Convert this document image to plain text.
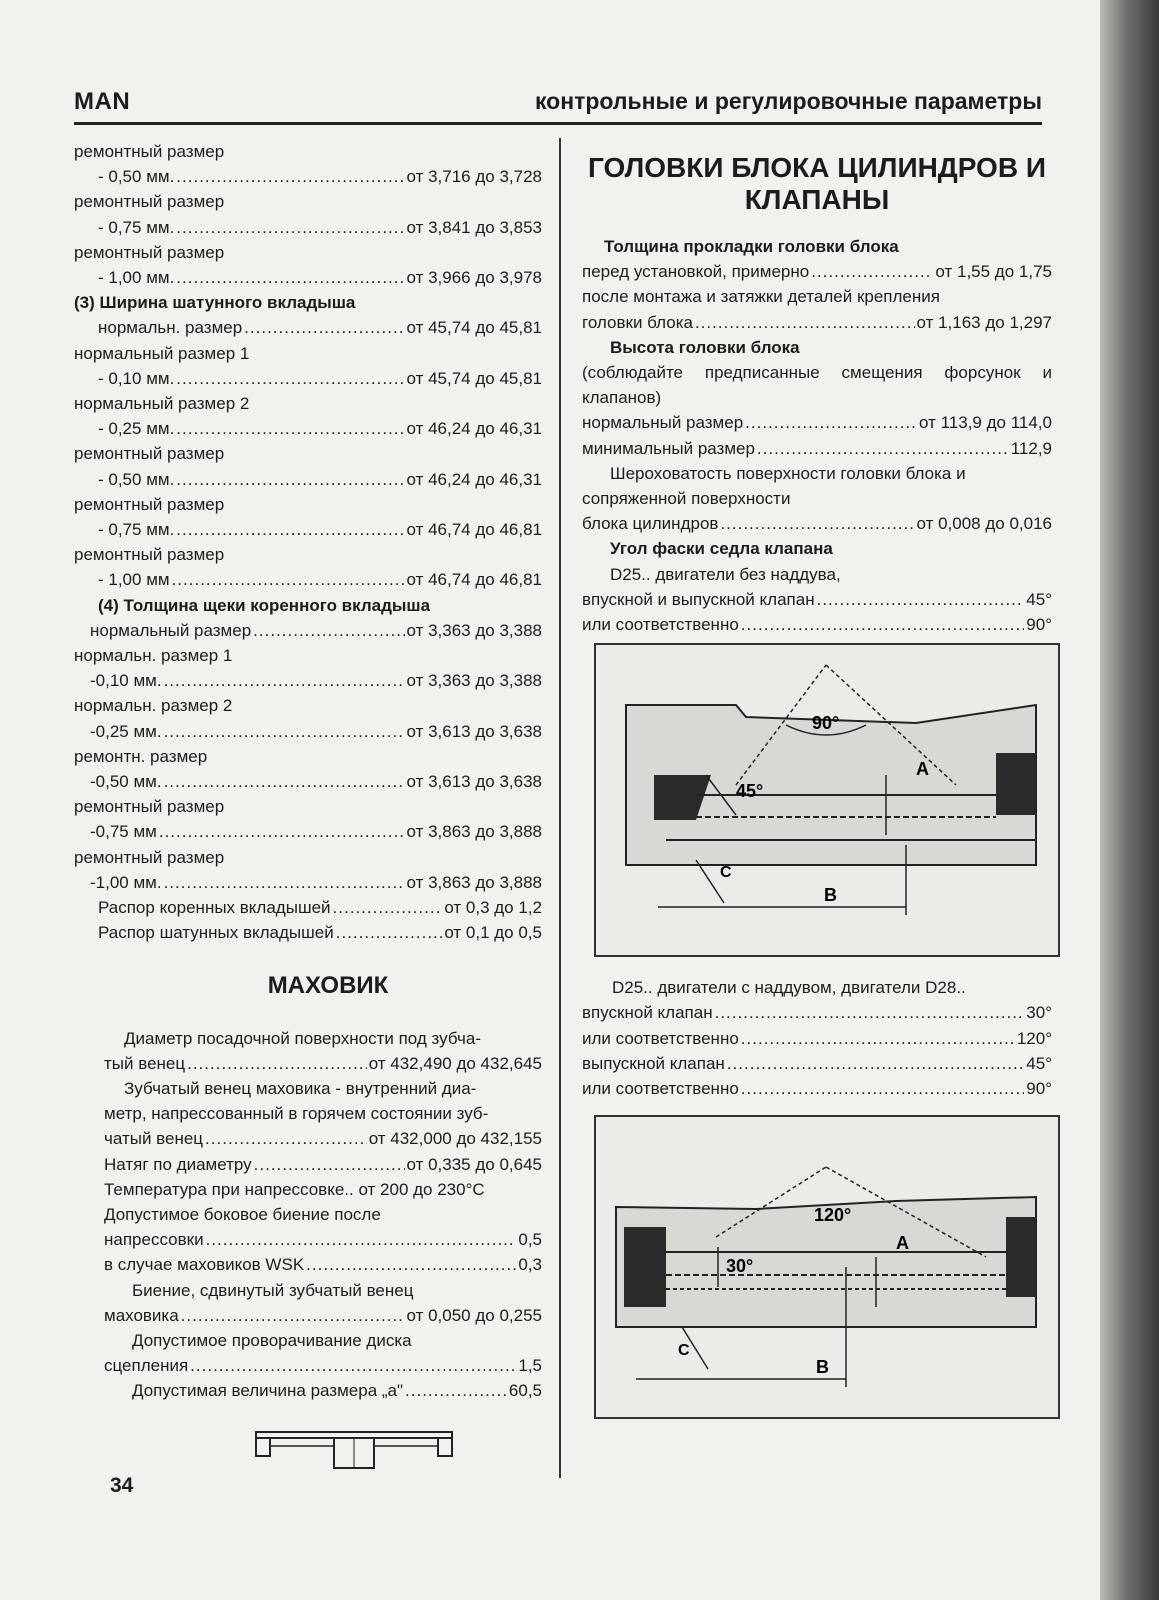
MAN	контрольные и регулировочные параметры
ремонтный размер
- 0,50 мм. .....	от 3,716 до 3,728
ремонтный размер
- 0,75 мм. .....	от 3,841 до 3,853
ремонтный размер
- 1,00 мм. .....	от 3,966 до 3,978
(3) Ширина шатунного вкладыша
нормальн. размер .....	от 45,74 до 45,81
нормальный размер 1
- 0,10 мм. .....	от 45,74 до 45,81
нормальный размер 2
- 0,25 мм. .....	от 46,24 до 46,31
ремонтный размер
- 0,50 мм. .....	от 46,24 до 46,31
ремонтный размер
- 0,75 мм. .....	от 46,74 до 46,81
ремонтный размер
- 1,00 мм .....	от 46,74 до 46,81
(4) Толщина щеки коренного вкладыша
нормальный размер .....	от 3,363 до 3,388
нормальн. размер 1
-0,10 мм. .....	от 3,363 до 3,388
нормальн. размер 2
-0,25 мм. .....	от 3,613 до 3,638
ремонтн. размер
-0,50 мм. .....	от 3,613 до 3,638
ремонтный размер
-0,75 мм .....	от 3,863 до 3,888
ремонтный размер
-1,00 мм. .....	от 3,863 до 3,888
Распор коренных вкладышей .....	от 0,3 до 1,2
Распор шатунных вкладышей .....	от 0,1 до 0,5
МАХОВИК
Диаметр посадочной поверхности под зубча-
тый венец .....	от 432,490 до 432,645
Зубчатый венец маховика - внутренний диа-
метр, напрессованный в горячем состоянии зуб-
чатый венец .....	от 432,000 до 432,155
Натяг по диаметру .....	от 0,335 до 0,645
Температура при напрессовке.. от 200 до 230°С
Допустимое боковое биение после
напрессовки .....	0,5
в случае маховиков WSK .....	0,3
Биение, сдвинутый зубчатый венец
маховика .....	от 0,050 до 0,255
Допустимое проворачивание диска
сцепления .....	1,5
Допустимая величина размера „а" .....	60,5
ГОЛОВКИ БЛОКА ЦИЛИНДРОВ И
КЛАПАНЫ
Толщина прокладки головки блока
перед установкой, примерно .....	от 1,55 до 1,75
после монтажа и затяжки деталей крепления
головки блока .....	от 1,163 до 1,297
Высота головки блока
(соблюдайте предписанные смещения форсунок и клапанов)
нормальный размер .....	от 113,9 до 114,0
минимальный размер .....	112,9
Шероховатость поверхности головки блока и сопряженной поверхности
блока цилиндров .....	от 0,008 до 0,016
Угол фаски седла клапана
D25.. двигатели без наддува,
впускной и выпускной клапан .....	45°
или соответственно .....	90°
90°
45°
A
B
C
D25.. двигатели с наддувом, двигатели D28..
впускной клапан .....	30°
или соответственно .....	120°
выпускной клапан .....	45°
или соответственно .....	90°
120°
30°
A
B
C
34
